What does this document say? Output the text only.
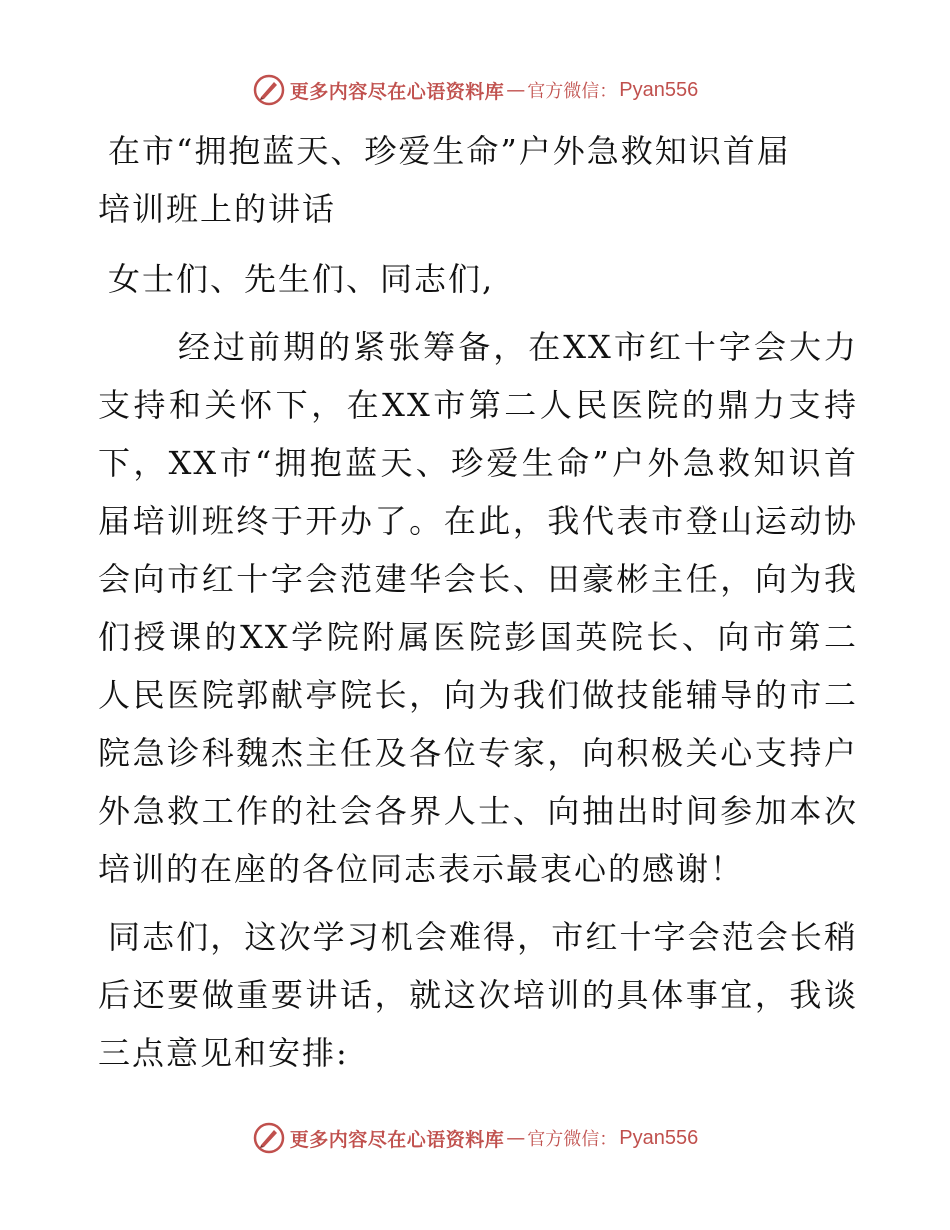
更多内容尽在心语资料库 — 官方微信： Pyan556

在市“拥抱蓝天、珍爱生命”户外急救知识首届

培训班上的讲话

女士们、先生们、同志们,

经过前期的紧张筹备，在XX市红十字会大力支持和关怀下，在XX市第二人民医院的鼎力支持下，XX市“拥抱蓝天、珍爱生命”户外急救知识首届培训班终于开办了。在此，我代表市登山运动协会向市红十字会范建华会长、田豪彬主任，向为我们授课的XX学院附属医院彭国英院长、向市第二人民医院郭献亭院长，向为我们做技能辅导的市二院急诊科魏杰主任及各位专家，向积极关心支持户外急救工作的社会各界人士、向抽出时间参加本次培训的在座的各位同志表示最衷心的感谢！

同志们，这次学习机会难得，市红十字会范会长稍后还要做重要讲话，就这次培训的具体事宜，我谈三点意见和安排:

更多内容尽在心语资料库 — 官方微信： Pyan556
